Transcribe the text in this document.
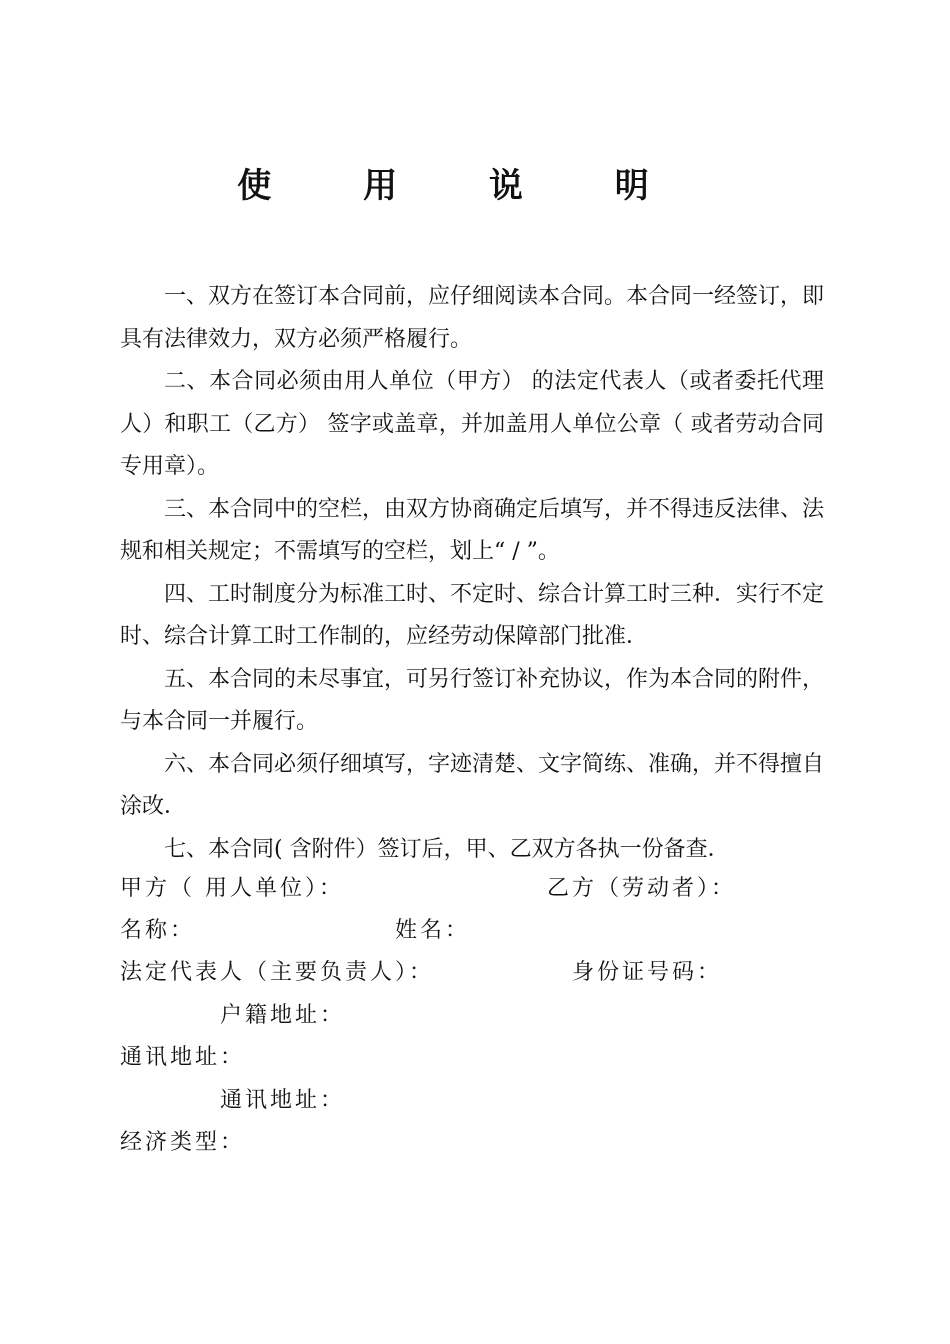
使 用 说 明

一、双方在签订本合同前，应仔细阅读本合同。本合同一经签订，即具有法律效力，双方必须严格履行。

二、本合同必须由用人单位（甲方） 的法定代表人（或者委托代理人）和职工（乙方） 签字或盖章，并加盖用人单位公章（ 或者劳动合同专用章）。

三、本合同中的空栏，由双方协商确定后填写，并不得违反法律、法规和相关规定；不需填写的空栏，划上“ / ”。

四、工时制度分为标准工时、不定时、综合计算工时三种．实行不定时、综合计算工时工作制的，应经劳动保障部门批准．

五、本合同的未尽事宜，可另行签订补充协议，作为本合同的附件，与本合同一并履行。

六、本合同必须仔细填写，字迹清楚、文字简练、准确，并不得擅自涂改．

七、本合同( 含附件）签订后，甲、乙双方各执一份备查．

甲方（ 用人单位）：	乙方（劳动者）：
名称：	姓名：
法定代表人（主要负责人）：	身份证号码：
户籍地址：
通讯地址：
通讯地址：
经济类型：
